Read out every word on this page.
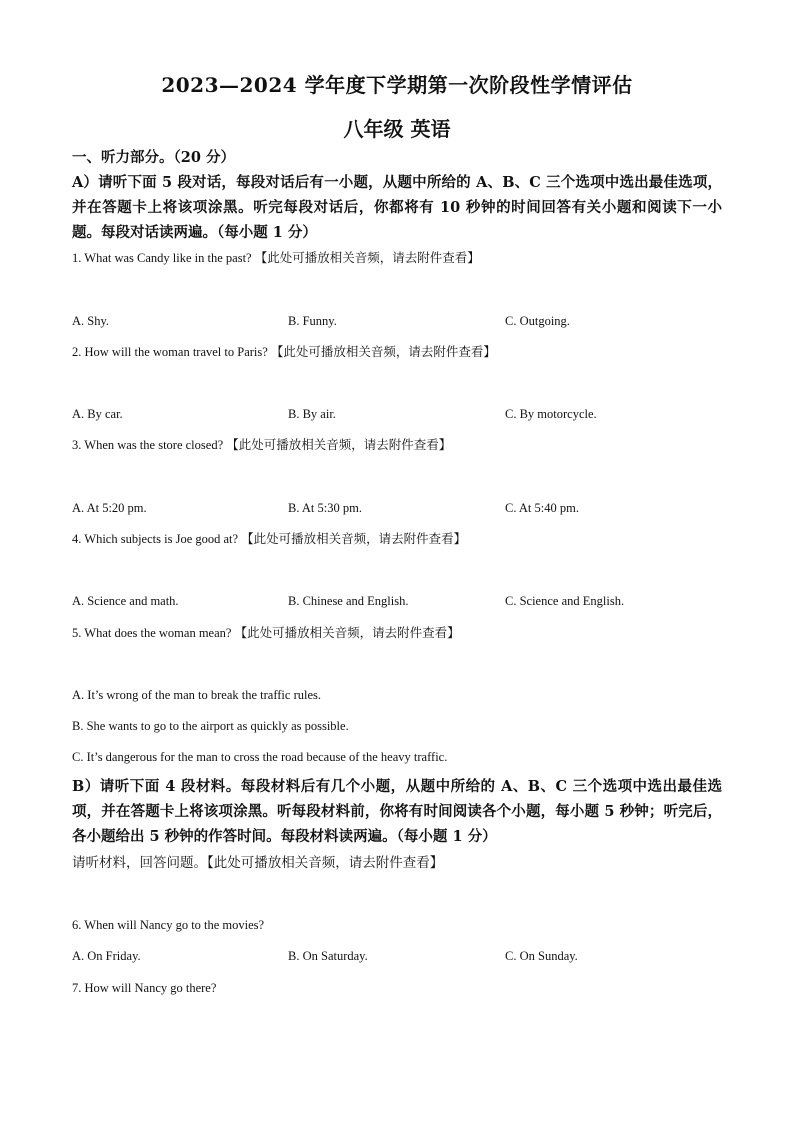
2023—2024 学年度下学期第一次阶段性学情评估
八年级 英语
一、听力部分。（20 分）
A）请听下面 5 段对话，每段对话后有一小题，从题中所给的 A、B、C 三个选项中选出最佳选项，并在答题卡上将该项涂黑。听完每段对话后，你都将有 10 秒钟的时间回答有关小题和阅读下一小题。每段对话读两遍。（每小题 1 分）
1. What was Candy like in the past? 【此处可播放相关音频，请去附件查看】
A. Shy.	B. Funny.	C. Outgoing.
2. How will the woman travel to Paris? 【此处可播放相关音频，请去附件查看】
A. By car.	B. By air.	C. By motorcycle.
3. When was the store closed? 【此处可播放相关音频，请去附件查看】
A. At 5:20 pm.	B. At 5:30 pm.	C. At 5:40 pm.
4. Which subjects is Joe good at? 【此处可播放相关音频，请去附件查看】
A. Science and math.	B. Chinese and English.	C. Science and English.
5. What does the woman mean? 【此处可播放相关音频，请去附件查看】
A. It’s wrong of the man to break the traffic rules.
B. She wants to go to the airport as quickly as possible.
C. It’s dangerous for the man to cross the road because of the heavy traffic.
B）请听下面 4 段材料。每段材料后有几个小题，从题中所给的 A、B、C 三个选项中选出最佳选项，并在答题卡上将该项涂黑。听每段材料前，你将有时间阅读各个小题，每小题 5 秒钟；听完后，各小题给出 5 秒钟的作答时间。每段材料读两遍。（每小题 1 分）
请听材料，回答问题。【此处可播放相关音频，请去附件查看】
6. When will Nancy go to the movies?
A. On Friday.	B. On Saturday.	C. On Sunday.
7. How will Nancy go there?
